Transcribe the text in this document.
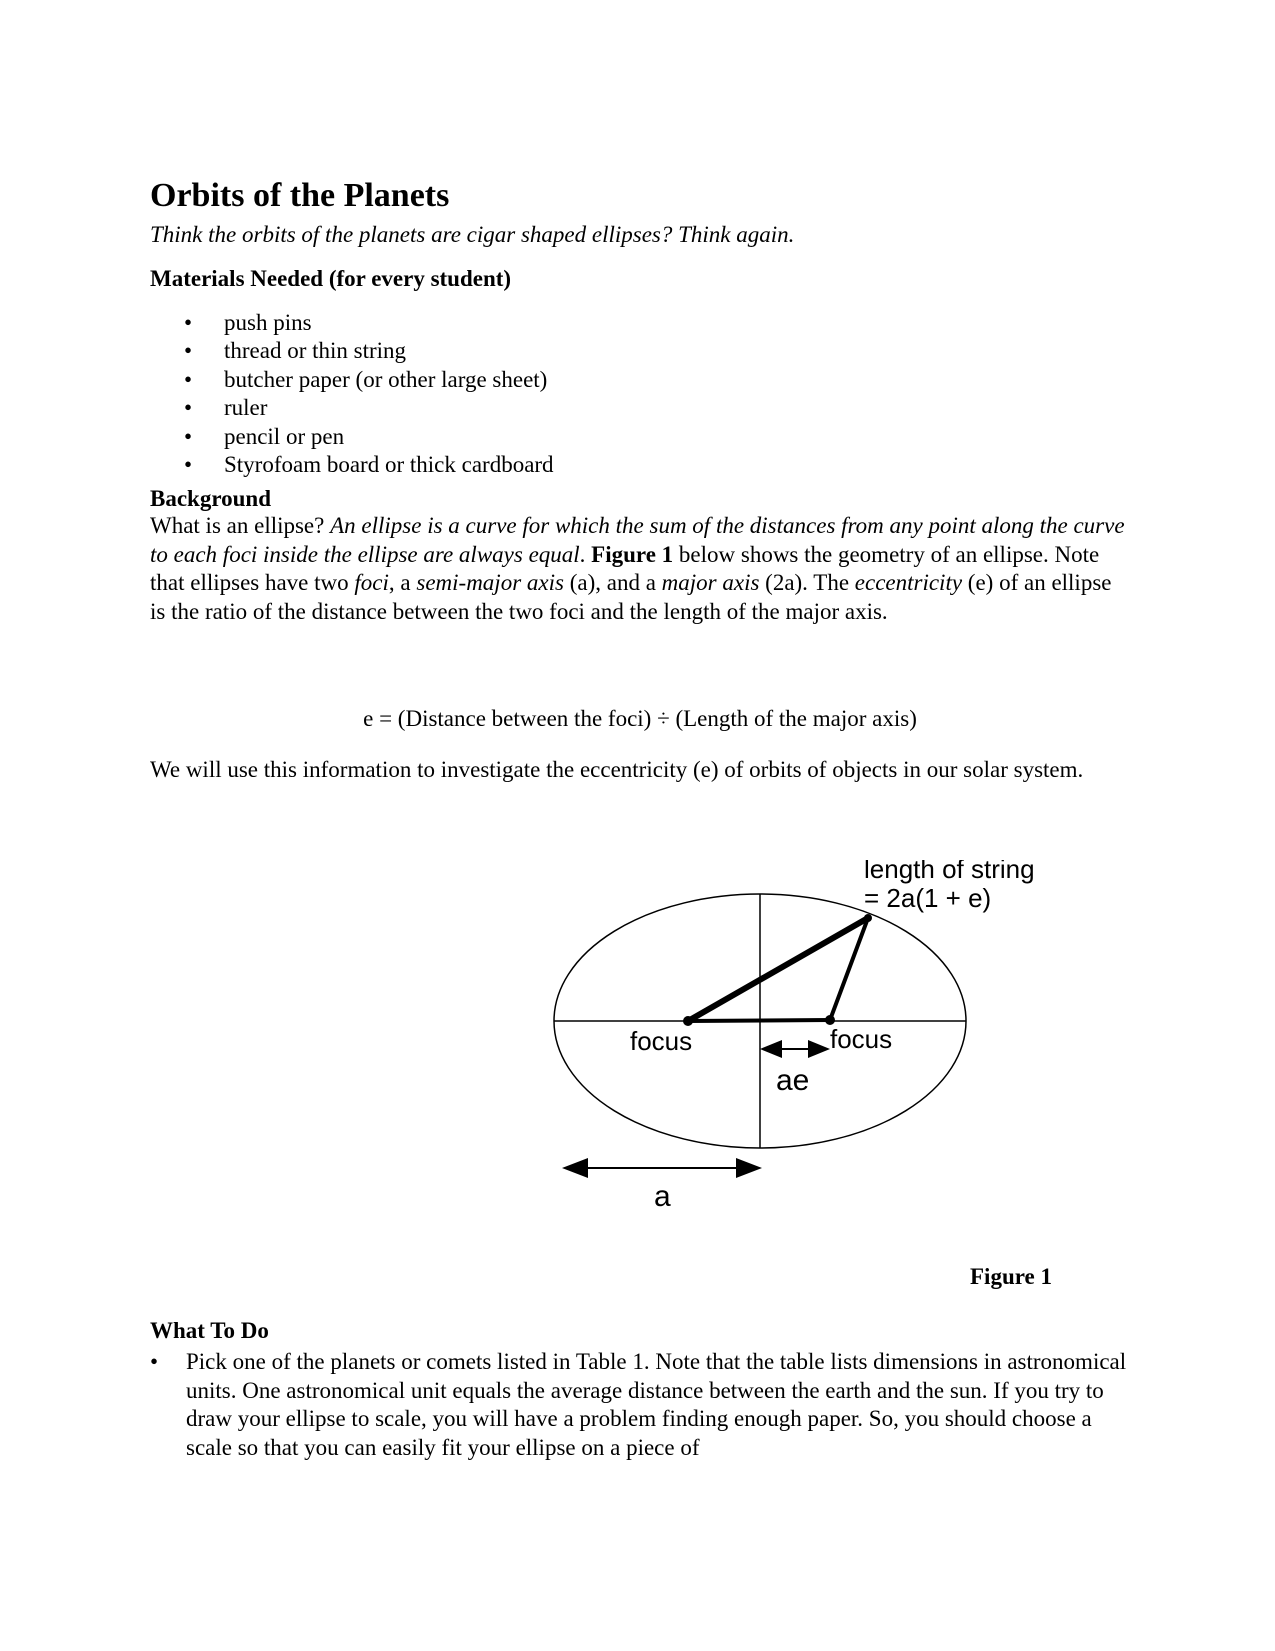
Orbits of the Planets

Think the orbits of the planets are cigar shaped ellipses? Think again.

Materials Needed (for every student)
• push pins
• thread or thin string
• butcher paper (or other large sheet)
• ruler
• pencil or pen
• Styrofoam board or thick cardboard
Background

What is an ellipse? An ellipse is a curve for which the sum of the distances from any point along the curve to each foci inside the ellipse are always equal. Figure 1 below shows the geometry of an ellipse. Note that ellipses have two foci, a semi-major axis (a), and a major axis (2a). The eccentricity (e) of an ellipse is the ratio of the distance between the two foci and the length of the major axis.

e = (Distance between the foci) ÷ (Length of the major axis)

We will use this information to investigate the eccentricity (e) of orbits of objects in our solar system.

length of string
= 2a(1 + e)
focus	focus
ae
a
Figure 1
What To Do
• Pick one of the planets or comets listed in Table 1. Note that the table lists dimensions in astronomical units. One astronomical unit equals the average distance between the earth and the sun. If you try to draw your ellipse to scale, you will have a problem finding enough paper. So, you should choose a scale so that you can easily fit your ellipse on a piece of
